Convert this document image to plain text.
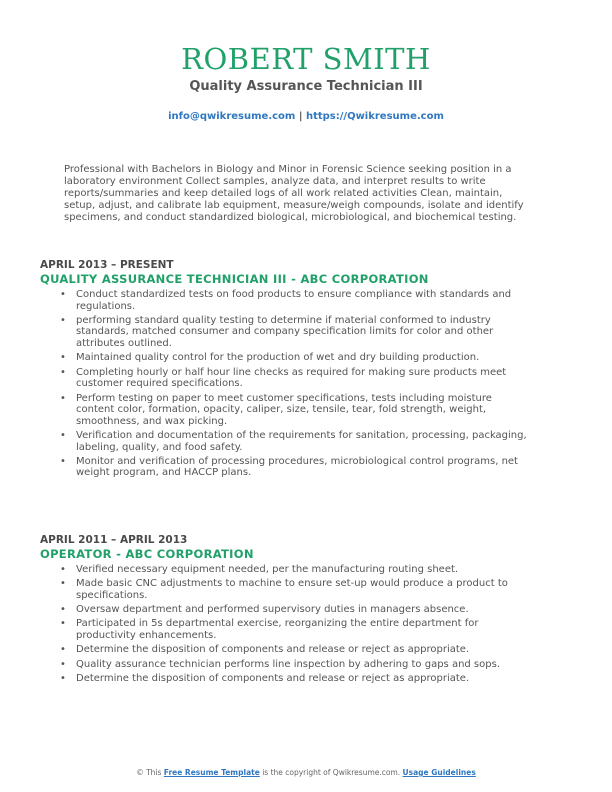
ROBERT SMITH
Quality Assurance Technician III
info@qwikresume.com | https://Qwikresume.com
Professional with Bachelors in Biology and Minor in Forensic Science seeking position in a laboratory environment Collect samples, analyze data, and interpret results to write reports/summaries and keep detailed logs of all work related activities Clean, maintain, setup, adjust, and calibrate lab equipment, measure/weigh compounds, isolate and identify specimens, and conduct standardized biological, microbiological, and biochemical testing.
APRIL 2013 – PRESENT
QUALITY ASSURANCE TECHNICIAN III - ABC CORPORATION
• Conduct standardized tests on food products to ensure compliance with standards and regulations.
• performing standard quality testing to determine if material conformed to industry standards, matched consumer and company specification limits for color and other attributes outlined.
• Maintained quality control for the production of wet and dry building production.
• Completing hourly or half hour line checks as required for making sure products meet customer required specifications.
• Perform testing on paper to meet customer specifications, tests including moisture content color, formation, opacity, caliper, size, tensile, tear, fold strength, weight, smoothness, and wax picking.
• Verification and documentation of the requirements for sanitation, processing, packaging, labeling, quality, and food safety.
• Monitor and verification of processing procedures, microbiological control programs, net weight program, and HACCP plans.
APRIL 2011 – APRIL 2013
OPERATOR - ABC CORPORATION
• Verified necessary equipment needed, per the manufacturing routing sheet.
• Made basic CNC adjustments to machine to ensure set-up would produce a product to specifications.
• Oversaw department and performed supervisory duties in managers absence.
• Participated in 5s departmental exercise, reorganizing the entire department for productivity enhancements.
• Determine the disposition of components and release or reject as appropriate.
• Quality assurance technician performs line inspection by adhering to gaps and sops.
• Determine the disposition of components and release or reject as appropriate.
© This Free Resume Template is the copyright of Qwikresume.com. Usage Guidelines
